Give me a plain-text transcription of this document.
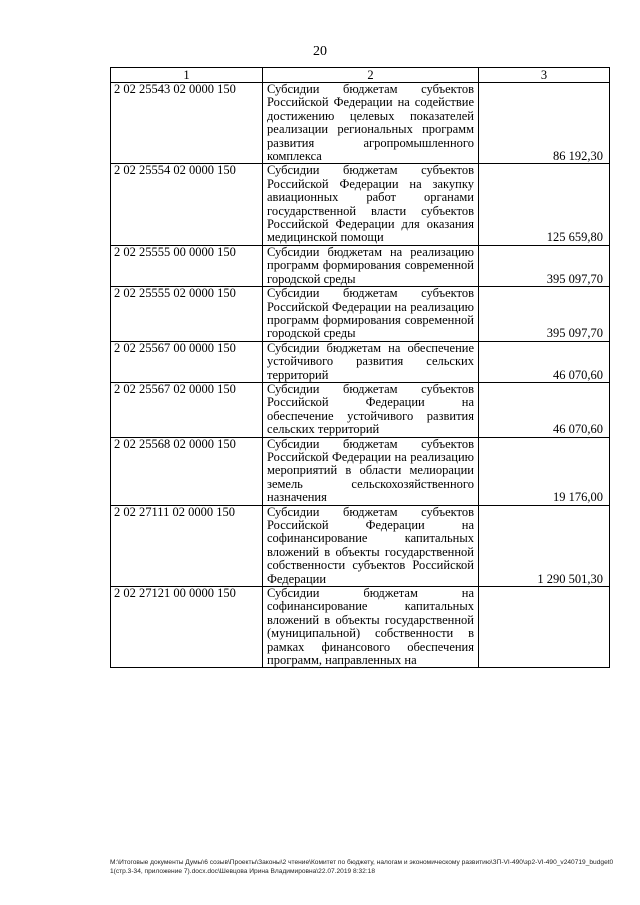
20
1	2	3
2 02 25543 02 0000 150	Субсидии бюджетам субъектов Российской Федерации на содействие достижению целевых показателей реализации региональных программ развития агропромышленного комплекса	86 192,30
2 02 25554 02 0000 150	Субсидии бюджетам субъектов Российской Федерации на закупку авиационных работ органами государственной власти субъектов Российской Федерации для оказания медицинской помощи	125 659,80
2 02 25555 00 0000 150	Субсидии бюджетам на реализацию программ формирования современной городской среды	395 097,70
2 02 25555 02 0000 150	Субсидии бюджетам субъектов Российской Федерации на реализацию программ формирования современной городской среды	395 097,70
2 02 25567 00 0000 150	Субсидии бюджетам на обеспечение устойчивого развития сельских территорий	46 070,60
2 02 25567 02 0000 150	Субсидии бюджетам субъектов Российской Федерации на обеспечение устойчивого развития сельских территорий	46 070,60
2 02 25568 02 0000 150	Субсидии бюджетам субъектов Российской Федерации на реализацию мероприятий в области мелиорации земель сельскохозяйственного назначения	19 176,00
2 02 27111 02 0000 150	Субсидии бюджетам субъектов Российской Федерации на софинансирование капитальных вложений в объекты государственной собственности субъектов Российской Федерации	1 290 501,30
2 02 27121 00 0000 150	Субсидии бюджетам на софинансирование капитальных вложений в объекты государственной (муниципальной) собственности в рамках финансового обеспечения программ, направленных на	
М:\Итоговые документы Думы\6 созыв\Проекты\Законы\2 чтение\Комитет по бюджету, налогам и экономическому развитию\ЗП-VI-490\зр2-VI-490_v240719_budget01(стр.3-34, приложение 7).docx.doc\Шевцова Ирина Владимировна\22.07.2019 8:32:18
